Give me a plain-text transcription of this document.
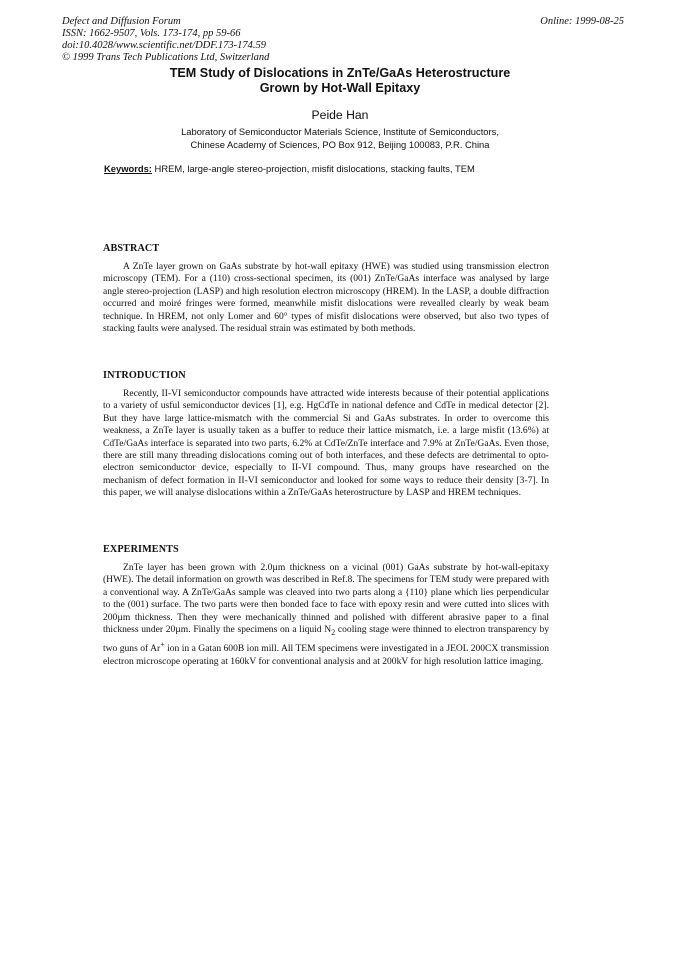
Defect and Diffusion Forum
ISSN: 1662-9507, Vols. 173-174, pp 59-66
doi:10.4028/www.scientific.net/DDF.173-174.59
© 1999 Trans Tech Publications Ltd, Switzerland
Online: 1999-08-25
TEM Study of Dislocations in ZnTe/GaAs Heterostructure
Grown by Hot-Wall Epitaxy
Peide Han
Laboratory of Semiconductor Materials Science, Institute of Semiconductors,
Chinese Academy of Sciences, PO Box 912, Beijing 100083, P.R. China
Keywords: HREM, large-angle stereo-projection, misfit dislocations, stacking faults, TEM
ABSTRACT

A ZnTe layer grown on GaAs substrate by hot-wall epitaxy (HWE) was studied using transmission electron microscopy (TEM). For a (110) cross-sectional specimen, its (001) ZnTe/GaAs interface was analysed by large angle stereo-projection (LASP) and high resolution electron microscopy (HREM). In the LASP, a double diffraction occurred and moiré fringes were formed, meanwhile misfit dislocations were revealled clearly by weak beam technique. In HREM, not only Lomer and 60° types of misfit dislocations were observed, but also two types of stacking faults were analysed. The residual strain was estimated by both methods.

INTRODUCTION

Recently, II-VI semiconductor compounds have attracted wide interests because of their potential applications to a variety of usful semiconductor devices [1], e.g. HgCdTe in national defence and CdTe in medical detector [2]. But they have large lattice-mismatch with the commercial Si and GaAs substrates. In order to overcome this weakness, a ZnTe layer is usually taken as a buffer to reduce their lattice mismatch, i.e. a large misfit (13.6%) at CdTe/GaAs interface is separated into two parts, 6.2% at CdTe/ZnTe interface and 7.9% at ZnTe/GaAs. Even those, there are still many threading dislocations coming out of both interfaces, and these defects are detrimental to opto-electron semiconductor device, especially to II-VI compound. Thus, many groups have researched on the mechanism of defect formation in II-VI semiconductor and looked for some ways to reduce their density [3-7]. In this paper, we will analyse dislocations within a ZnTe/GaAs heterostructure by LASP and HREM techniques.

EXPERIMENTS

ZnTe layer has been grown with 2.0µm thickness on a vicinal (001) GaAs substrate by hot-wall-epitaxy (HWE). The detail information on growth was described in Ref.8. The specimens for TEM study were prepared with a conventional way. A ZnTe/GaAs sample was cleaved into two parts along a {110} plane which lies perpendicular to the (001) surface. The two parts were then bonded face to face with epoxy resin and were cutted into slices with 200µm thickness. Then they were mechanically thinned and polished with different abrasive paper to a final thickness under 20µm. Finally the specimens on a liquid $N_2$ cooling stage were thinned to electron transparency by two guns of Ar+ ion in a Gatan 600B ion mill. All TEM specimens were investigated in a JEOL 200CX transmission electron microscope operating at 160kV for conventional analysis and at 200kV for high resolution lattice imaging.
